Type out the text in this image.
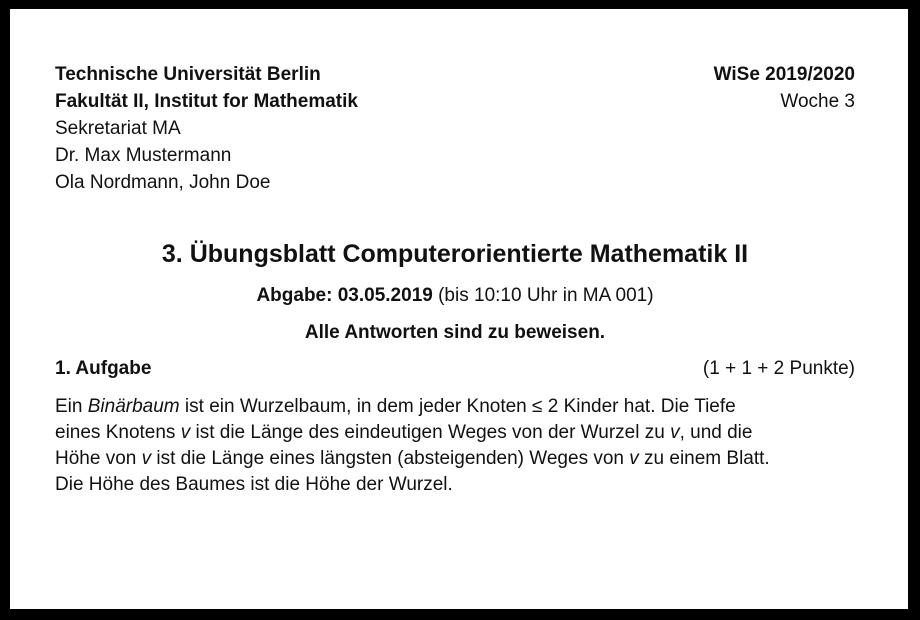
Technische Universität Berlin
Fakultät II, Institut for Mathematik
Sekretariat MA
Dr. Max Mustermann
Ola Nordmann, John Doe
WiSe 2019/2020
Woche 3
3. Übungsblatt Computerorientierte Mathematik II
Abgabe: 03.05.2019 (bis 10:10 Uhr in MA 001)
Alle Antworten sind zu beweisen.
1. Aufgabe	(1 + 1 + 2 Punkte)
Ein Binärbaum ist ein Wurzelbaum, in dem jeder Knoten ≤ 2 Kinder hat. Die Tiefe
eines Knotens v ist die Länge des eindeutigen Weges von der Wurzel zu v, und die
Höhe von v ist die Länge eines längsten (absteigenden) Weges von v zu einem Blatt.
Die Höhe des Baumes ist die Höhe der Wurzel.
